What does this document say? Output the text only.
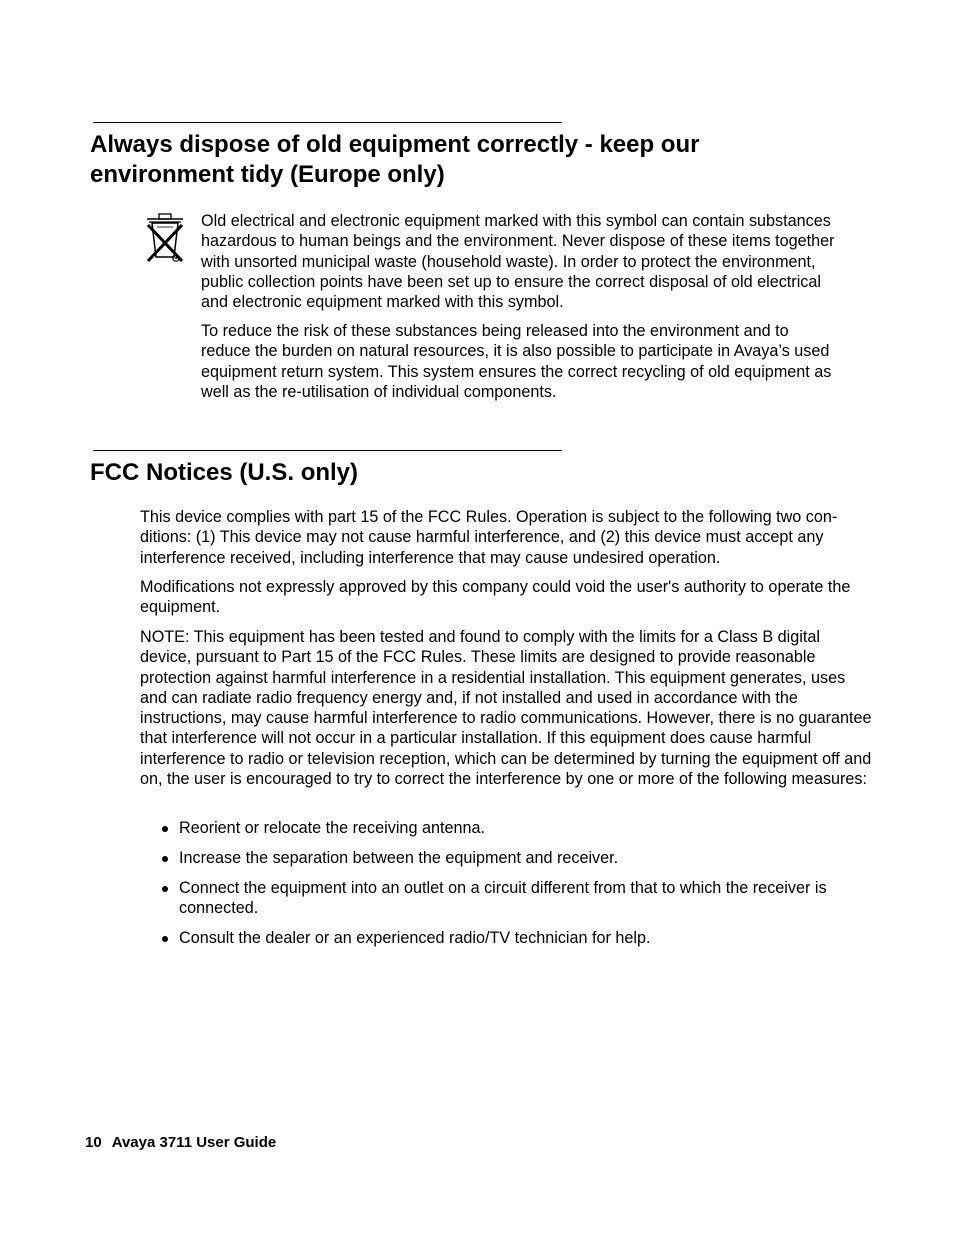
Always dispose of old equipment correctly - keep our environment tidy (Europe only)

Old electrical and electronic equipment marked with this symbol can contain substances hazardous to human beings and the environment. Never dispose of these items together with unsorted municipal waste (household waste). In order to protect the environment, public collection points have been set up to ensure the correct disposal of old electrical and electronic equipment marked with this symbol.

To reduce the risk of these substances being released into the environment and to reduce the burden on natural resources, it is also possible to participate in Avaya’s used equipment return system. This system ensures the correct recycling of old equipment as well as the re-utilisation of individual components.

FCC Notices (U.S. only)

This device complies with part 15 of the FCC Rules. Operation is subject to the following two conditions: (1) This device may not cause harmful interference, and (2) this device must accept any interference received, including interference that may cause undesired operation.

Modifications not expressly approved by this company could void the user's authority to operate the equipment.

NOTE: This equipment has been tested and found to comply with the limits for a Class B digital device, pursuant to Part 15 of the FCC Rules. These limits are designed to provide reasonable protection against harmful interference in a residential installation. This equipment generates, uses and can radiate radio frequency energy and, if not installed and used in accordance with the instructions, may cause harmful interference to radio communications. However, there is no guarantee that interference will not occur in a particular installation. If this equipment does cause harmful interference to radio or television reception, which can be determined by turning the equipment off and on, the user is encouraged to try to correct the interference by one or more of the following measures:

Reorient or relocate the receiving antenna.
Increase the separation between the equipment and receiver.
Connect the equipment into an outlet on a circuit different from that to which the receiver is connected.
Consult the dealer or an experienced radio/TV technician for help.
10 Avaya 3711 User Guide
